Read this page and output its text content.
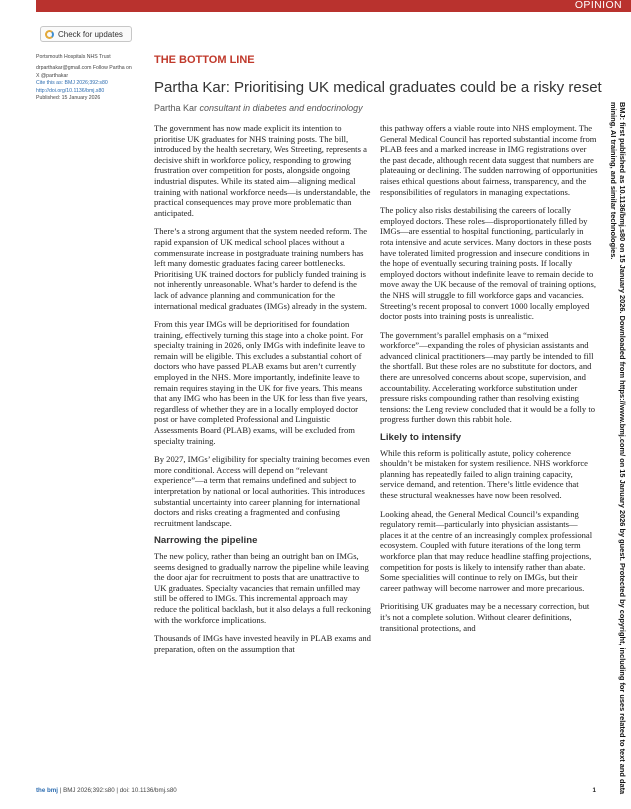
OPINION
Check for updates

Portsmouth Hospitals NHS Trust

drparthakar@gmail.com Follow Partha on X @parthakar

Cite this as: BMJ 2026;392:s80

http://doi.org/10.1136/bmj.s80

Published: 15 January 2026

THE BOTTOM LINE
Partha Kar: Prioritising UK medical graduates could be a risky reset
Partha Kar consultant in diabetes and endocrinology

The government has now made explicit its intention to prioritise UK graduates for NHS training posts. The bill, introduced by the health secretary, Wes Streeting, represents a decisive shift in workforce policy, responding to growing frustration over competition for posts, alongside ongoing industrial disputes. While its stated aim—aligning medical training with national workforce needs—is understandable, the practical consequences may prove more problematic than anticipated.

There’s a strong argument that the system needed reform. The rapid expansion of UK medical school places without a commensurate increase in postgraduate training numbers has left many domestic graduates facing career bottlenecks. Prioritising UK trained doctors for publicly funded training is not inherently unreasonable. What’s harder to defend is the lack of advance planning and communication for the international medical graduates (IMGs) already in the system.

From this year IMGs will be deprioritised for foundation training, effectively turning this stage into a choke point. For specialty training in 2026, only IMGs with indefinite leave to remain will be eligible. This excludes a substantial cohort of doctors who have passed PLAB exams but aren’t currently employed in the NHS. More importantly, indefinite leave to remain requires staying in the UK for five years. This means that any IMG who has been in the UK for less than five years, regardless of whether they are in a locally employed doctor post or have completed Professional and Linguistic Assessments Board (PLAB) exams, will be excluded from specialty training.

By 2027, IMGs’ eligibility for specialty training becomes even more conditional. Access will depend on “relevant experience”—a term that remains undefined and subject to interpretation by national or local authorities. This introduces substantial uncertainty into career planning for international doctors and risks creating a fragmented and confusing recruitment landscape.

Narrowing the pipeline

The new policy, rather than being an outright ban on IMGs, seems designed to gradually narrow the pipeline while leaving the door ajar for recruitment to posts that are unattractive to UK graduates. Specialty vacancies that remain unfilled may still be offered to IMGs. This incremental approach may reduce the political backlash, but it also delays a full reckoning with the workforce implications.

Thousands of IMGs have invested heavily in PLAB exams and preparation, often on the assumption that

this pathway offers a viable route into NHS employment. The General Medical Council has reported substantial income from PLAB fees and a marked increase in IMG registrations over the past decade, although recent data suggest that numbers are plateauing or declining. The sudden narrowing of opportunities raises ethical questions about fairness, transparency, and the responsibilities of regulators in managing expectations.

The policy also risks destabilising the careers of locally employed doctors. These roles—disproportionately filled by IMGs—are essential to hospital functioning, particularly in rota intensive and acute services. Many doctors in these posts have tolerated limited progression and insecure conditions in the hope of eventually securing training posts. If locally employed doctors without indefinite leave to remain decide to move away the UK because of the removal of training options, the NHS will struggle to fill workforce gaps and vacancies. Streeting’s recent proposal to convert 1000 locally employed doctor posts into training posts is unrealistic.

The government’s parallel emphasis on a “mixed workforce”—expanding the roles of physician assistants and advanced clinical practitioners—may partly be intended to fill the shortfall. But these roles are no substitute for doctors, and there are unresolved concerns about scope, supervision, and accountability. Accelerating workforce substitution under pressure risks compounding rather than resolving existing tensions: the Leng review concluded that it would be a folly to progress further down this rabbit hole.

Likely to intensify

While this reform is politically astute, policy coherence shouldn’t be mistaken for system resilience. NHS workforce planning has repeatedly failed to align training capacity, service demand, and retention. There’s little evidence that these structural weaknesses have now been resolved.

Looking ahead, the General Medical Council’s expanding regulatory remit—particularly into physician assistants—places it at the centre of an increasingly complex professional ecosystem. Coupled with future iterations of the long term workforce plan that may reduce headline staffing projections, competition for posts is likely to intensify rather than abate. Some specialities will continue to rely on IMGs, but their career pathway will become narrower and more precarious.

Prioritising UK graduates may be a necessary correction, but it’s not a complete solution. Without clearer definitions, transitional protections, and	BMJ: first published as 10.1136/bmj.s80 on 15 January 2026. Downloaded from https://www.bmj.com/ on 15 January 2026 by guest. Protected by copyright, including for uses related to text and data mining, AI training, and similar technologies.
the bmj | BMJ 2026;392:s80 | doi: 10.1136/bmj.s80	1
